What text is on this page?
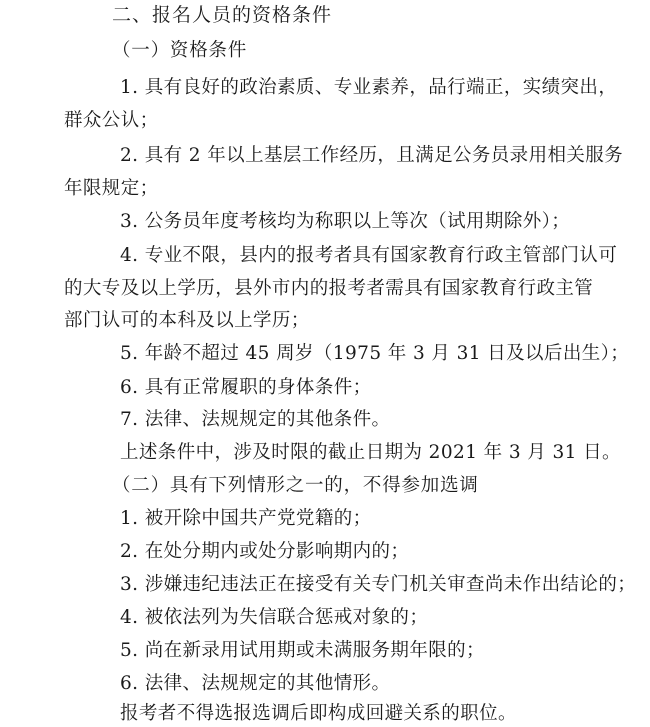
二、报名人员的资格条件
（一）资格条件
1. 具有良好的政治素质、专业素养，品行端正，实绩突出，
群众公认；
2. 具有 2 年以上基层工作经历，且满足公务员录用相关服务
年限规定；
3. 公务员年度考核均为称职以上等次（试用期除外）；
4. 专业不限，县内的报考者具有国家教育行政主管部门认可
的大专及以上学历，县外市内的报考者需具有国家教育行政主管
部门认可的本科及以上学历；
5. 年龄不超过 45 周岁（1975 年 3 月 31 日及以后出生）；
6. 具有正常履职的身体条件；
7. 法律、法规规定的其他条件。
上述条件中，涉及时限的截止日期为 2021 年 3 月 31 日。
（二）具有下列情形之一的，不得参加选调
1. 被开除中国共产党党籍的；
2. 在处分期内或处分影响期内的；
3. 涉嫌违纪违法正在接受有关专门机关审查尚未作出结论的；
4. 被依法列为失信联合惩戒对象的；
5. 尚在新录用试用期或未满服务期年限的；
6. 法律、法规规定的其他情形。
报考者不得选报选调后即构成回避关系的职位。
